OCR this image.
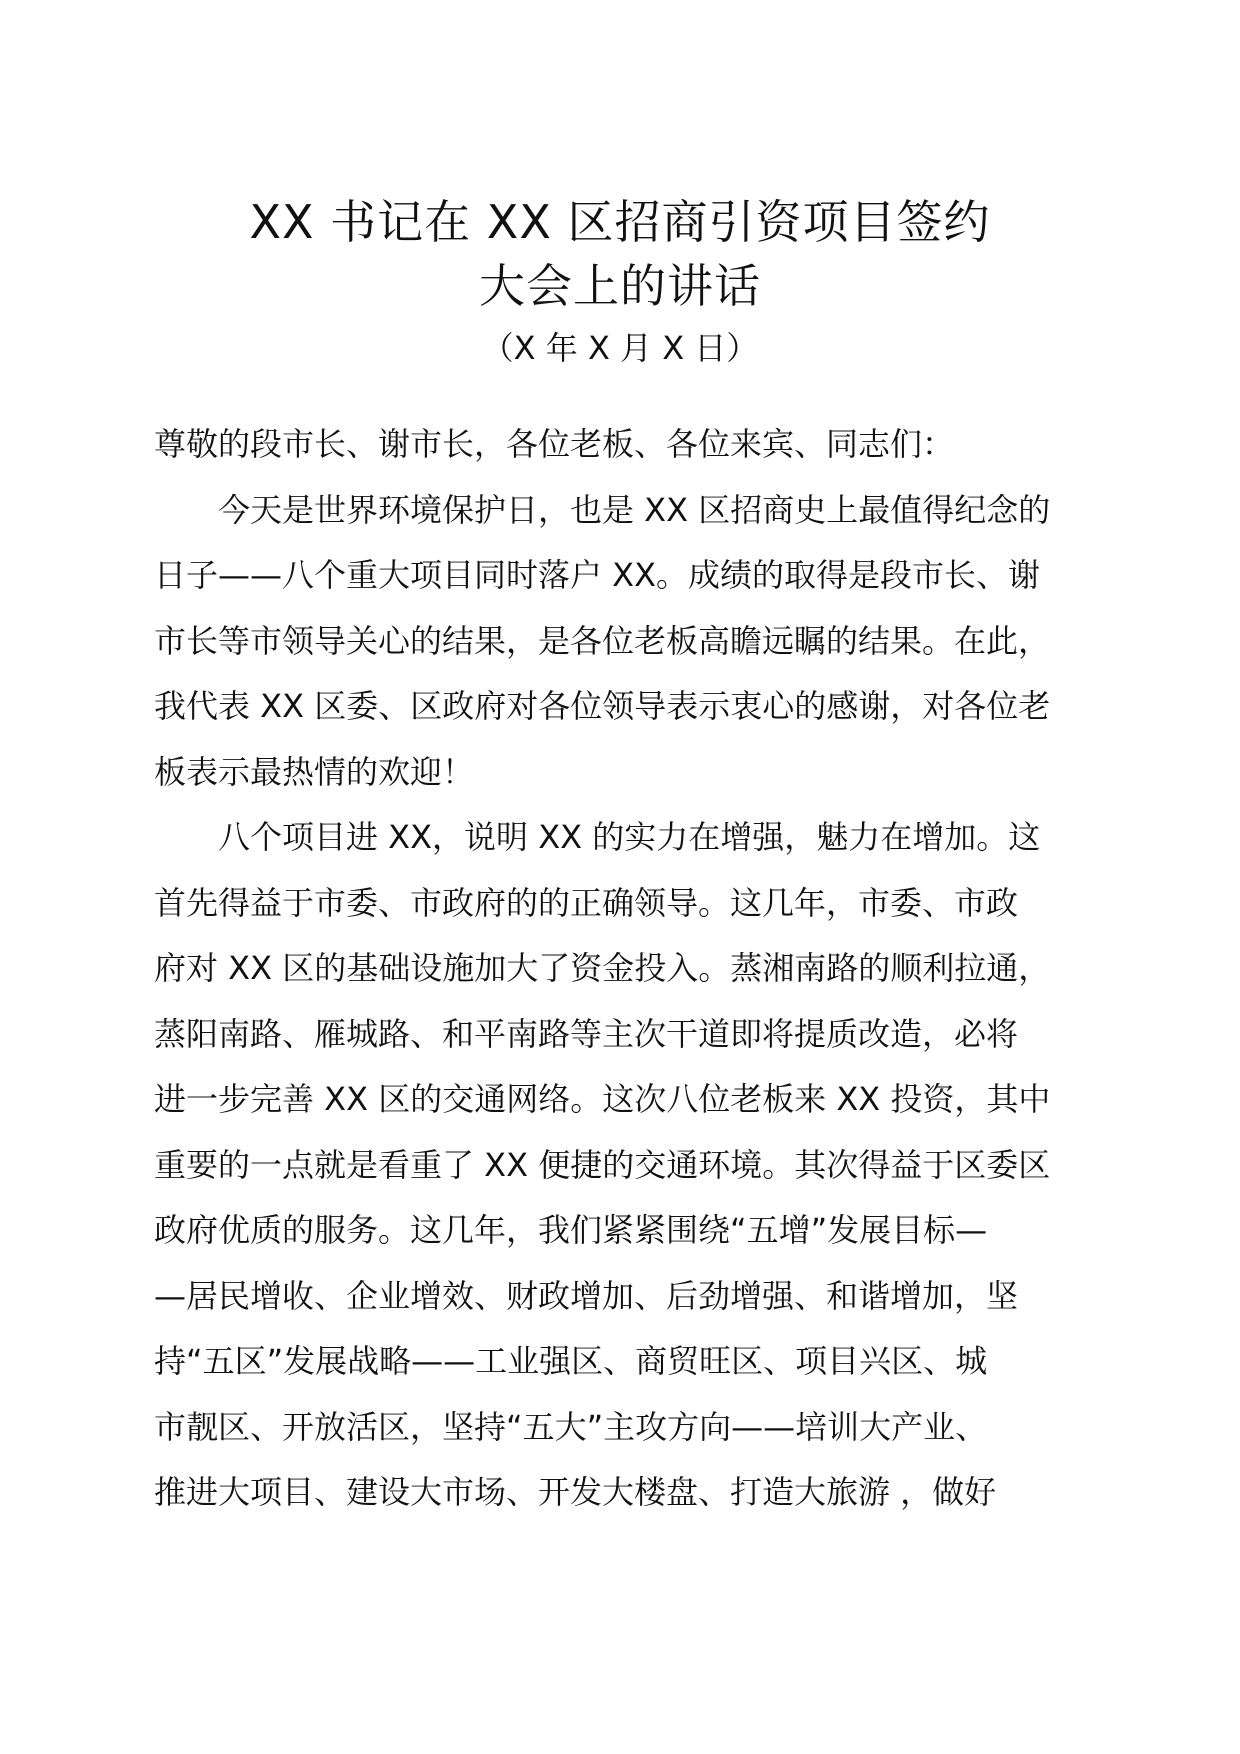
XX 书记在 XX 区招商引资项目签约
大会上的讲话
（X 年 X 月 X 日）
尊敬的段市长、谢市长，各位老板、各位来宾、同志们：
今天是世界环境保护日，也是 XX 区招商史上最值得纪念的
日子——八个重大项目同时落户 XX。成绩的取得是段市长、谢
市长等市领导关心的结果，是各位老板高瞻远瞩的结果。在此，
我代表 XX 区委、区政府对各位领导表示衷心的感谢，对各位老
板表示最热情的欢迎！
八个项目进 XX，说明 XX 的实力在增强，魅力在增加。这
首先得益于市委、市政府的的正确领导。这几年，市委、市政
府对 XX 区的基础设施加大了资金投入。蒸湘南路的顺利拉通，
蒸阳南路、雁城路、和平南路等主次干道即将提质改造，必将
进一步完善 XX 区的交通网络。这次八位老板来 XX 投资，其中
重要的一点就是看重了 XX 便捷的交通环境。其次得益于区委区
政府优质的服务。这几年，我们紧紧围绕“五增”发展目标—
—居民增收、企业增效、财政增加、后劲增强、和谐增加，坚
持“五区”发展战略——工业强区、商贸旺区、项目兴区、城
市靓区、开放活区，坚持“五大”主攻方向——培训大产业、
推进大项目、建设大市场、开发大楼盘、打造大旅游 ，做好
